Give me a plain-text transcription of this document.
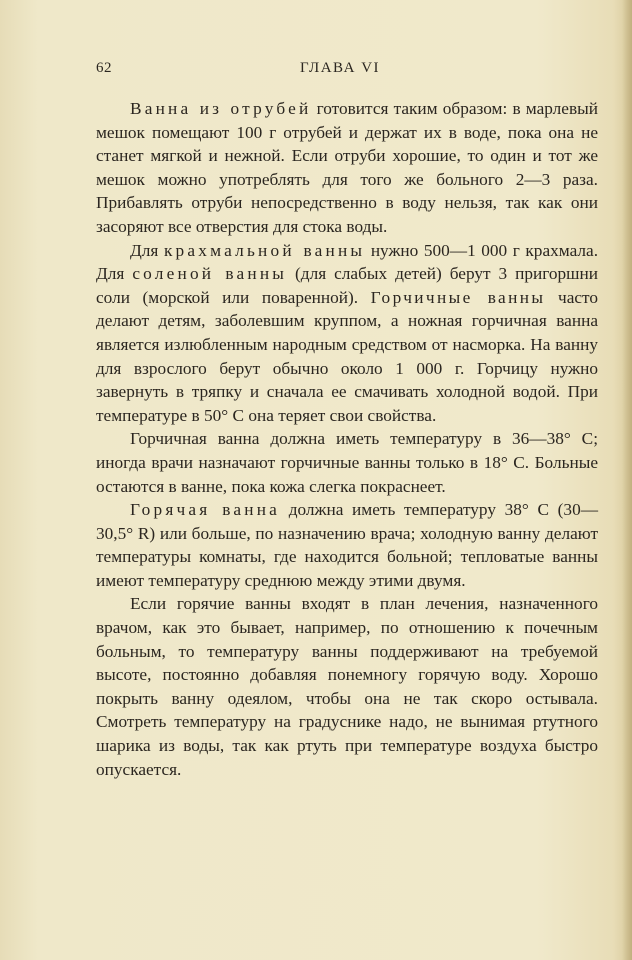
62	ГЛАВА VI

Ванна из отрубей готовится таким образом: в марлевый мешок помещают 100 г отрубей и держат их в воде, пока она не станет мягкой и нежной. Если отруби хорошие, то один и тот же мешок можно употреблять для того же больного 2—3 раза. Прибавлять отруби непосредственно в воду нельзя, так как они засоряют все отверстия для стока воды.

Для крахмальной ванны нужно 500—1 000 г крахмала. Для соленой ванны (для слабых детей) берут 3 пригоршни соли (морской или поваренной). Горчичные ванны часто делают детям, заболевшим круппом, а ножная горчичная ванна является излюбленным народным средством от насморка. На ванну для взрослого берут обычно около 1 000 г. Горчицу нужно завернуть в тряпку и сначала ее смачивать холодной водой. При температуре в 50° С она теряет свои свойства.

Горчичная ванна должна иметь температуру в 36—38° С; иногда врачи назначают горчичные ванны только в 18° С. Больные остаются в ванне, пока кожа слегка покраснеет.

Горячая ванна должна иметь температуру 38° С (30—30,5° R) или больше, по назначению врача; холодную ванну делают температуры комнаты, где находится больной; тепловатые ванны имеют температуру среднюю между этими двумя.

Если горячие ванны входят в план лечения, назначенного врачом, как это бывает, например, по отношению к почечным больным, то температуру ванны поддерживают на требуемой высоте, постоянно добавляя понемногу горячую воду. Хорошо покрыть ванну одеялом, чтобы она не так скоро остывала. Смотреть температуру на градуснике надо, не вынимая ртутного шарика из воды, так как ртуть при температуре воздуха быстро опускается.
